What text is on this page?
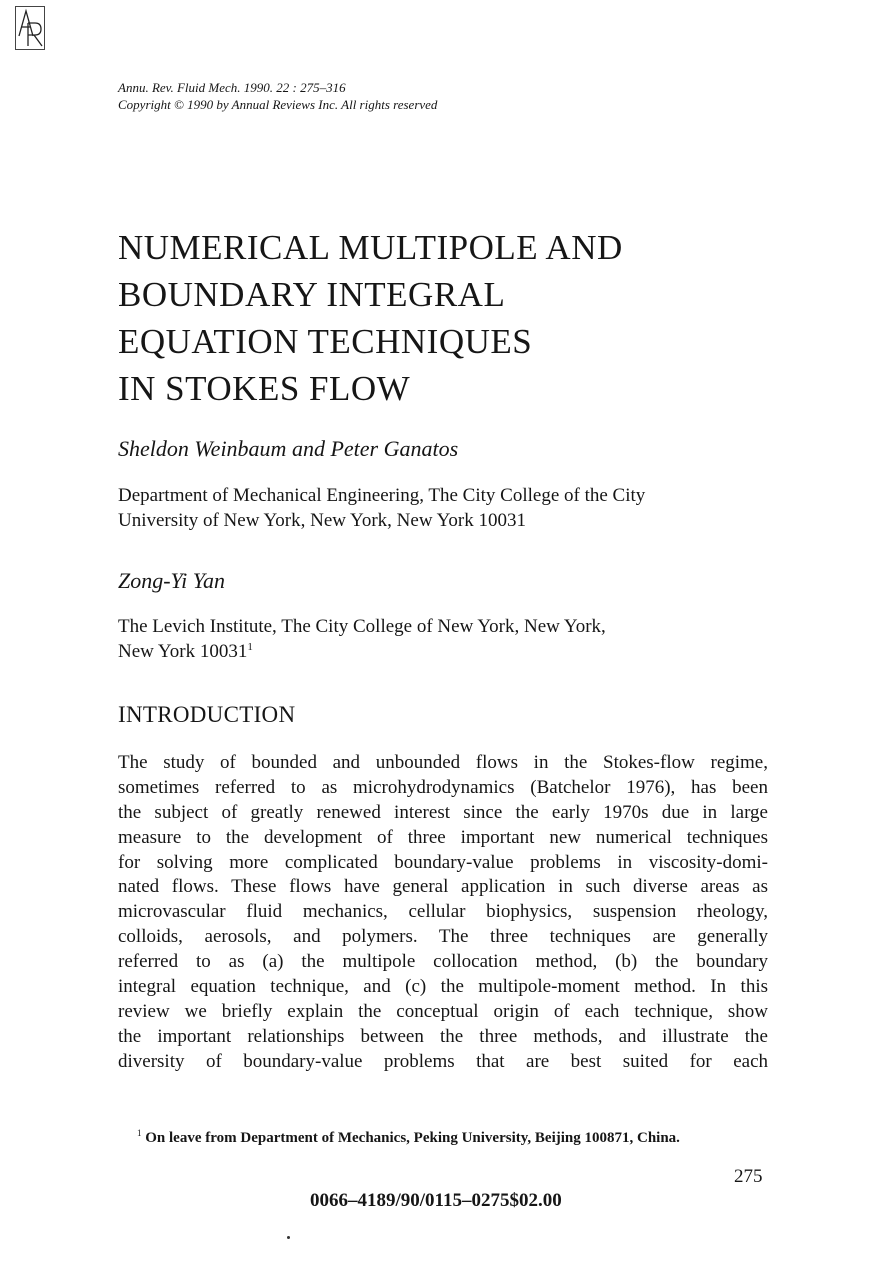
Annu. Rev. Fluid Mech. 1990. 22 : 275–316
Copyright © 1990 by Annual Reviews Inc. All rights reserved
NUMERICAL MULTIPOLE AND
BOUNDARY INTEGRAL
EQUATION TECHNIQUES
IN STOKES FLOW
Sheldon Weinbaum and Peter Ganatos
Department of Mechanical Engineering, The City College of the City
University of New York, New York, New York 10031
Zong-Yi Yan
The Levich Institute, The City College of New York, New York,
New York 10031$^1$
INTRODUCTION
The study of bounded and unbounded flows in the Stokes-flow regime,
sometimes referred to as microhydrodynamics (Batchelor 1976), has been
the subject of greatly renewed interest since the early 1970s due in large
measure to the development of three important new numerical techniques
for solving more complicated boundary-value problems in viscosity-domi-
nated flows. These flows have general application in such diverse areas as
microvascular fluid mechanics, cellular biophysics, suspension rheology,
colloids, aerosols, and polymers. The three techniques are generally
referred to as (a) the multipole collocation method, (b) the boundary
integral equation technique, and (c) the multipole-moment method. In this
review we briefly explain the conceptual origin of each technique, show
the important relationships between the three methods, and illustrate the
diversity of boundary-value problems that are best suited for each
$^1$ On leave from Department of Mechanics, Peking University, Beijing 100871, China.
275
0066–4189/90/0115–0275$02.00
